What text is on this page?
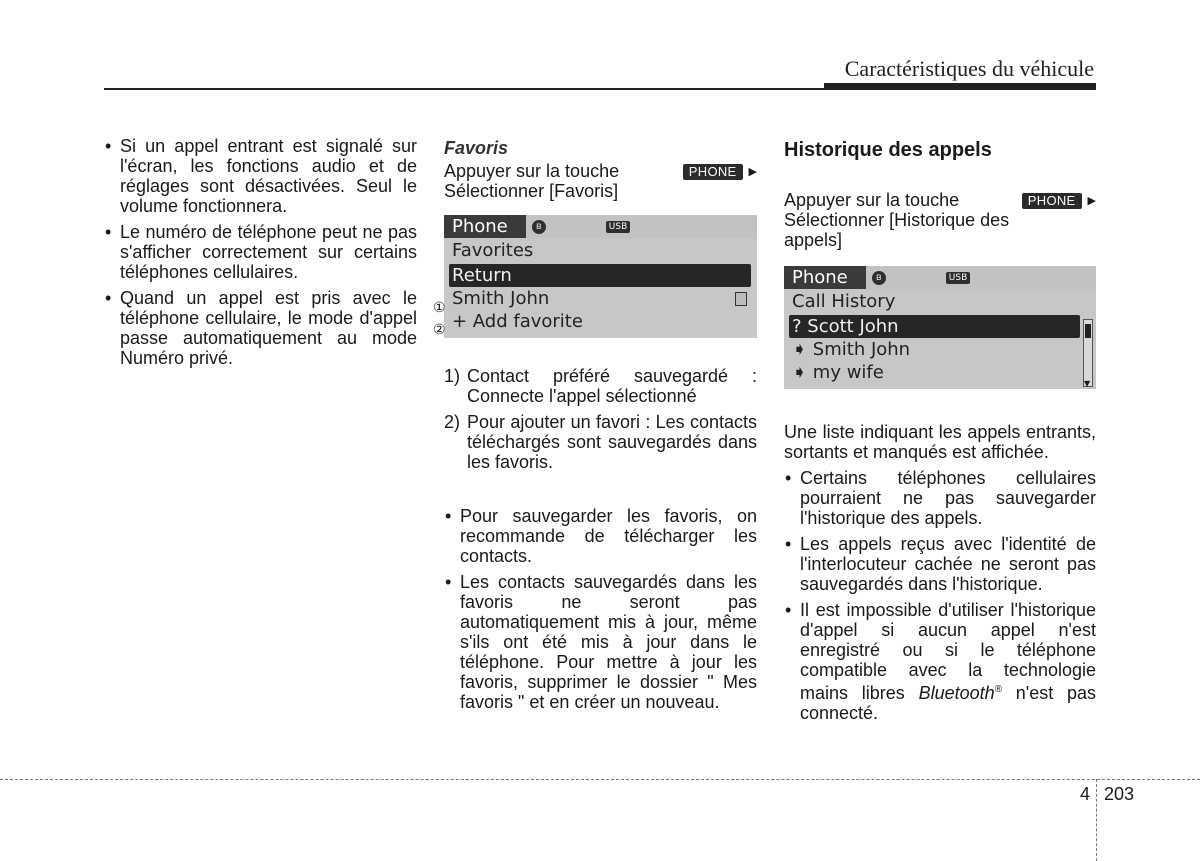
Caractéristiques du véhicule
• Si un appel entrant est signalé sur l'écran, les fonctions audio et de réglages sont désactivées. Seul le volume fonctionnera.
• Le numéro de téléphone peut ne pas s'afficher correctement sur certains téléphones cellulaires.
• Quand un appel est pris avec le téléphone cellulaire, le mode d'appel passe automatiquement au mode Numéro privé.
Favoris
Appuyer sur la touche	PHONE ▶
Sélectionner [Favoris]
Phone	ʙ	USB
Favorites
Return
Smith John
+ Add favorite
1) Contact préféré sauvegardé : Connecte l'appel sélectionné
2) Pour ajouter un favori : Les contacts téléchargés sont sauvegardés dans les favoris.
• Pour sauvegarder les favoris, on recommande de télécharger les contacts.
• Les contacts sauvegardés dans les favoris ne seront pas automatiquement mis à jour, même s'ils ont été mis à jour dans le téléphone. Pour mettre à jour les favoris, supprimer le dossier " Mes favoris " et en créer un nouveau.
①
②
Historique des appels
Appuyer sur la touche	PHONE ▶
Sélectionner [Historique des appels]
Phone	ʙ	USB
Call History
? Scott John
➧ Smith John
➧ my wife
▼
Une liste indiquant les appels entrants, sortants et manqués est affichée.
• Certains téléphones cellulaires pourraient ne pas sauvegarder l'historique des appels.
• Les appels reçus avec l'identité de l'interlocuteur cachée ne seront pas sauvegardés dans l'historique.
• Il est impossible d'utiliser l'historique d'appel si aucun appel n'est enregistré ou si le téléphone compatible avec la technologie mains libres Bluetooth® n'est pas connecté.
4 203
